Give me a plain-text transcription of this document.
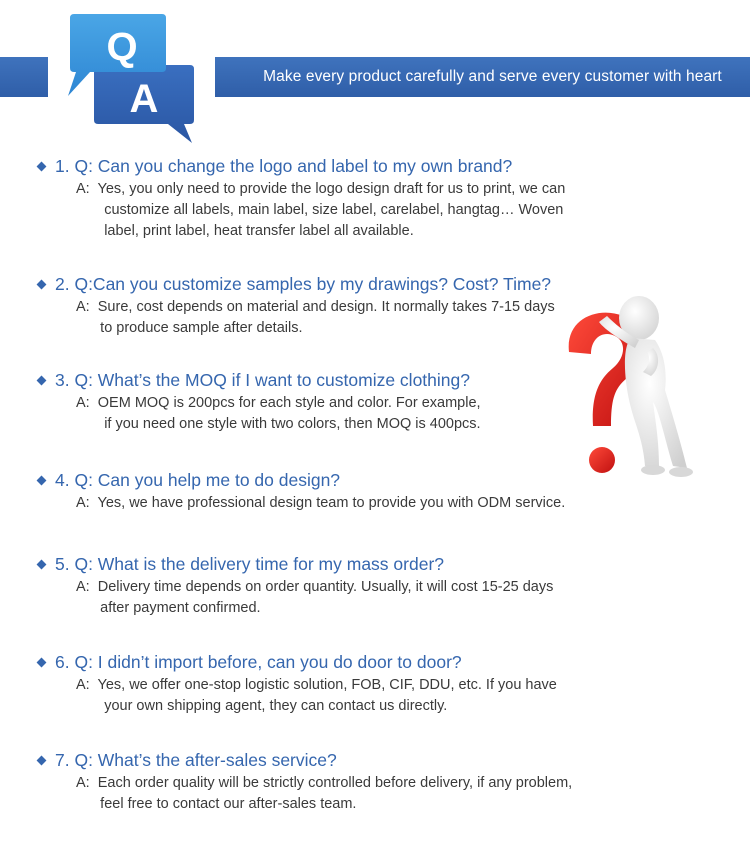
Make every product carefully and serve every customer with heart
Q
A
1. Q: Can you change the logo and label to my own brand?
A:  Yes, you only need to provide the logo design draft for us to print, we can
customize all labels, main label, size label, carelabel, hangtag… Woven
label, print label, heat transfer label all available.
2. Q:Can you customize samples by my drawings? Cost? Time?
A:  Sure, cost depends on material and design. It normally takes 7-15 days
to produce sample after details.
3. Q: What’s the MOQ if I want to customize clothing?
A:  OEM MOQ is 200pcs for each style and color. For example,
if you need one style with two colors, then MOQ is 400pcs.
4. Q: Can you help me to do design?
A:  Yes, we have professional design team to provide you with ODM service.
5. Q: What is the delivery time for my mass order?
A:  Delivery time depends on order quantity. Usually, it will cost 15-25 days
after payment confirmed.
6. Q: I didn’t import before, can you do door to door?
A:  Yes, we offer one-stop logistic solution, FOB, CIF, DDU, etc. If you have
your own shipping agent, they can contact us directly.
7. Q: What’s the after-sales service?
A:  Each order quality will be strictly controlled before delivery, if any problem,
feel free to contact our after-sales team.
